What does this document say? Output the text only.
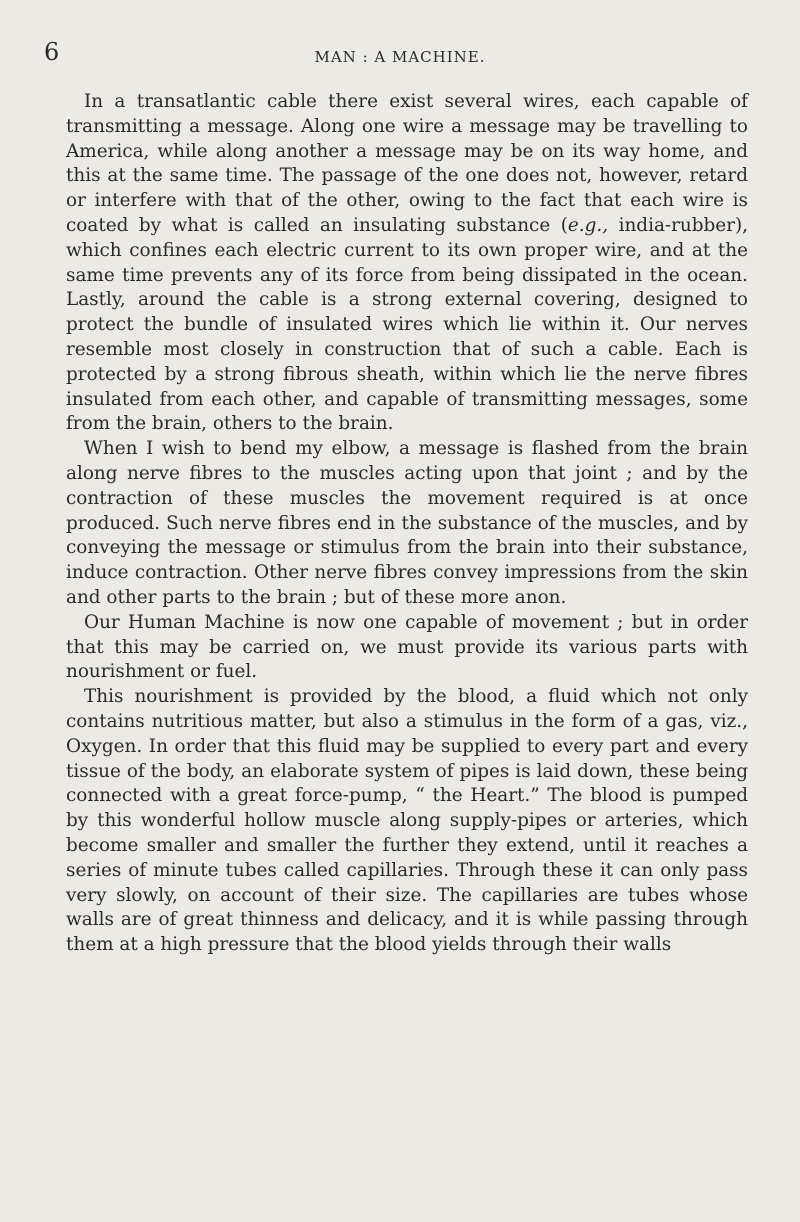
6	MAN : A MACHINE.

In a transatlantic cable there exist several wires, each capable of transmitting a message. Along one wire a message may be travelling to America, while along another a message may be on its way home, and this at the same time. The passage of the one does not, however, retard or interfere with that of the other, owing to the fact that each wire is coated by what is called an insulating substance (e.g., india-rubber), which confines each electric current to its own proper wire, and at the same time prevents any of its force from being dissipated in the ocean. Lastly, around the cable is a strong external covering, designed to protect the bundle of insulated wires which lie within it. Our nerves resemble most closely in construction that of such a cable. Each is protected by a strong fibrous sheath, within which lie the nerve fibres insulated from each other, and capable of transmitting messages, some from the brain, others to the brain.

When I wish to bend my elbow, a message is flashed from the brain along nerve fibres to the muscles acting upon that joint ; and by the contraction of these muscles the movement required is at once produced. Such nerve fibres end in the substance of the muscles, and by conveying the message or stimulus from the brain into their substance, induce contraction. Other nerve fibres convey impressions from the skin and other parts to the brain ; but of these more anon.

Our Human Machine is now one capable of movement ; but in order that this may be carried on, we must provide its various parts with nourishment or fuel.

This nourishment is provided by the blood, a fluid which not only contains nutritious matter, but also a stimulus in the form of a gas, viz., Oxygen. In order that this fluid may be supplied to every part and every tissue of the body, an elaborate system of pipes is laid down, these being connected with a great force-pump, “ the Heart.” The blood is pumped by this wonderful hollow muscle along supply-pipes or arteries, which become smaller and smaller the further they extend, until it reaches a series of minute tubes called capillaries. Through these it can only pass very slowly, on account of their size. The capillaries are tubes whose walls are of great thinness and delicacy, and it is while passing through them at a high pressure that the blood yields through their walls
